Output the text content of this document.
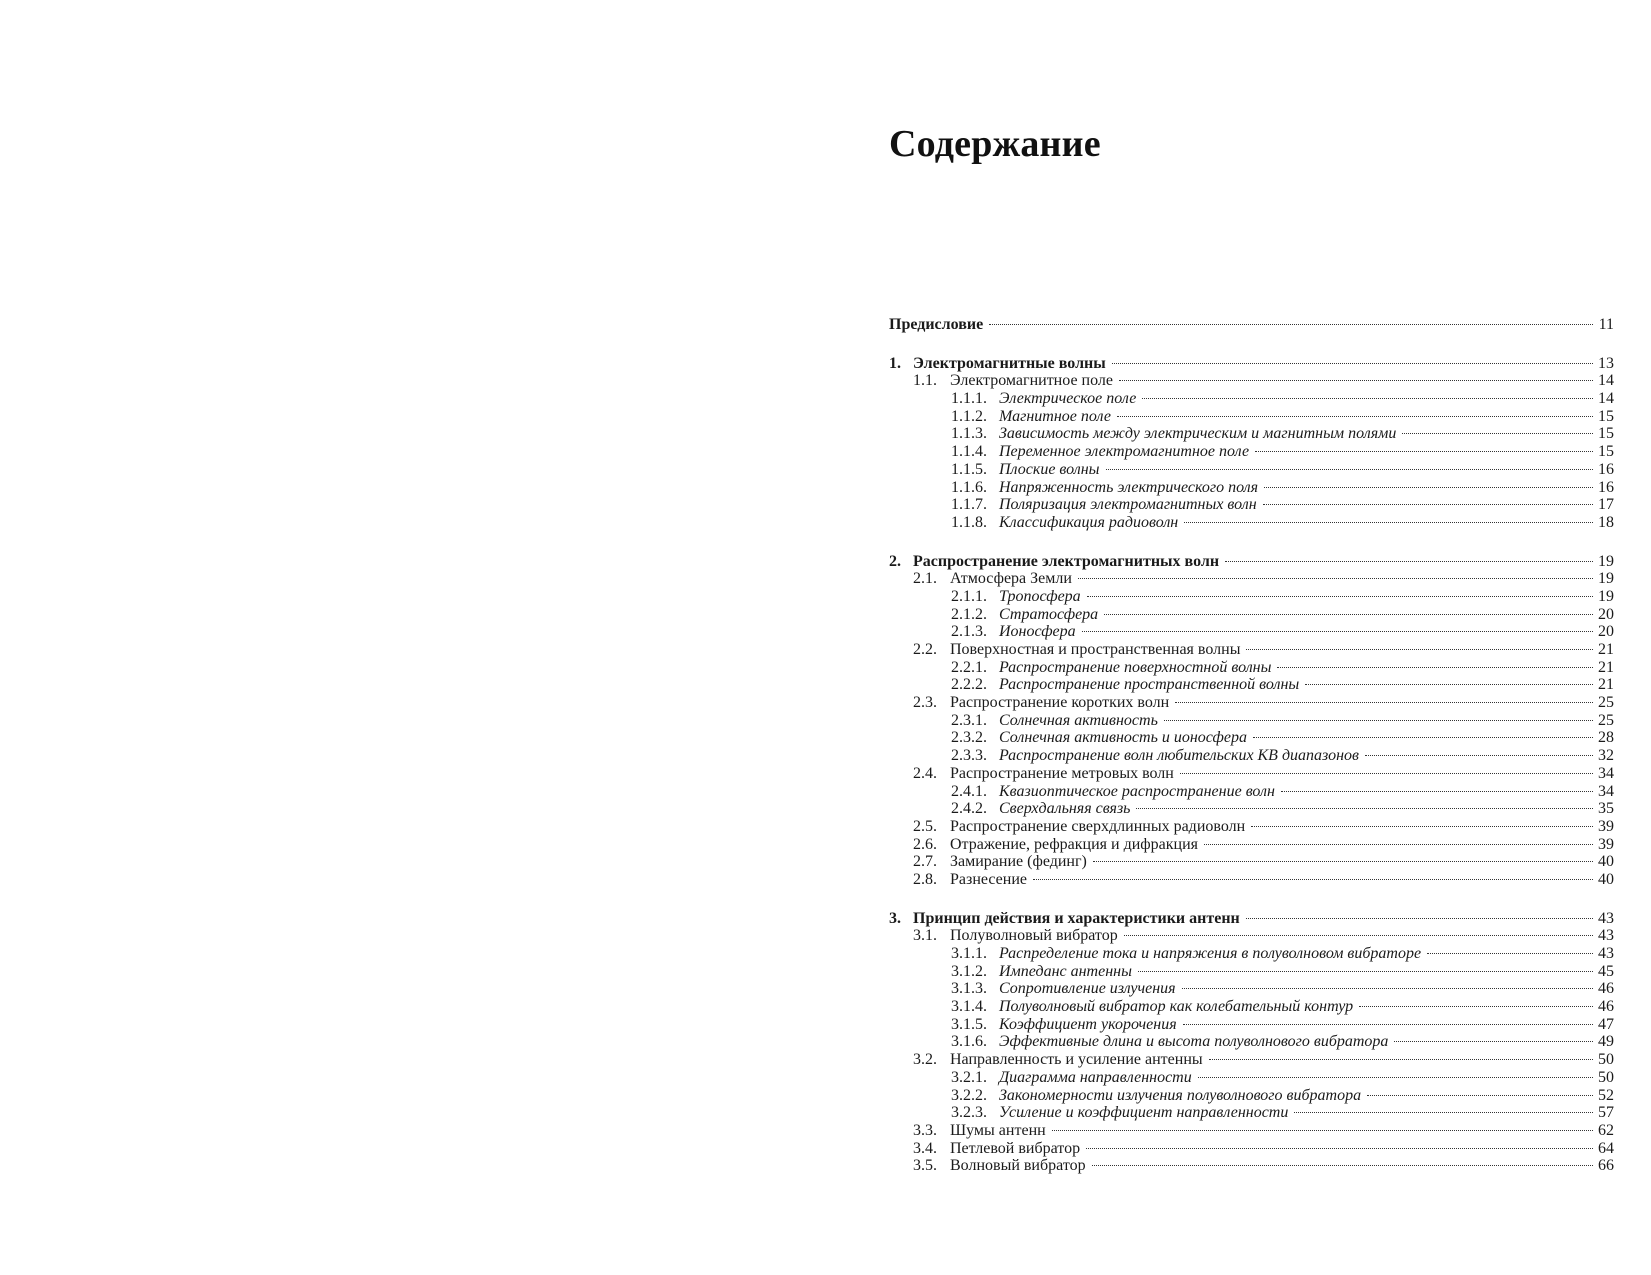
Содержание
Предисловие	11
1. Электромагнитные волны	13
1.1. Электромагнитное поле	14
1.1.1. Электрическое поле	14
1.1.2. Магнитное поле	15
1.1.3. Зависимость между электрическим и магнитным полями	15
1.1.4. Переменное электромагнитное поле	15
1.1.5. Плоские волны	16
1.1.6. Напряженность электрического поля	16
1.1.7. Поляризация электромагнитных волн	17
1.1.8. Классификация радиоволн	18
2. Распространение электромагнитных волн	19
2.1. Атмосфера Земли	19
2.1.1. Тропосфера	19
2.1.2. Стратосфера	20
2.1.3. Ионосфера	20
2.2. Поверхностная и пространственная волны	21
2.2.1. Распространение поверхностной волны	21
2.2.2. Распространение пространственной волны	21
2.3. Распространение коротких волн	25
2.3.1. Солнечная активность	25
2.3.2. Солнечная активность и ионосфера	28
2.3.3. Распространение волн любительских КВ диапазонов	32
2.4. Распространение метровых волн	34
2.4.1. Квазиоптическое распространение волн	34
2.4.2. Сверхдальняя связь	35
2.5. Распространение сверхдлинных радиоволн	39
2.6. Отражение, рефракция и дифракция	39
2.7. Замирание (фединг)	40
2.8. Разнесение	40
3. Принцип действия и характеристики антенн	43
3.1. Полуволновый вибратор	43
3.1.1. Распределение тока и напряжения в полуволновом вибраторе	43
3.1.2. Импеданс антенны	45
3.1.3. Сопротивление излучения	46
3.1.4. Полуволновый вибратор как колебательный контур	46
3.1.5. Коэффициент укорочения	47
3.1.6. Эффективные длина и высота полуволнового вибратора	49
3.2. Направленность и усиление антенны	50
3.2.1. Диаграмма направленности	50
3.2.2. Закономерности излучения полуволнового вибратора	52
3.2.3. Усиление и коэффициент направленности	57
3.3. Шумы антенн	62
3.4. Петлевой вибратор	64
3.5. Волновый вибратор	66
